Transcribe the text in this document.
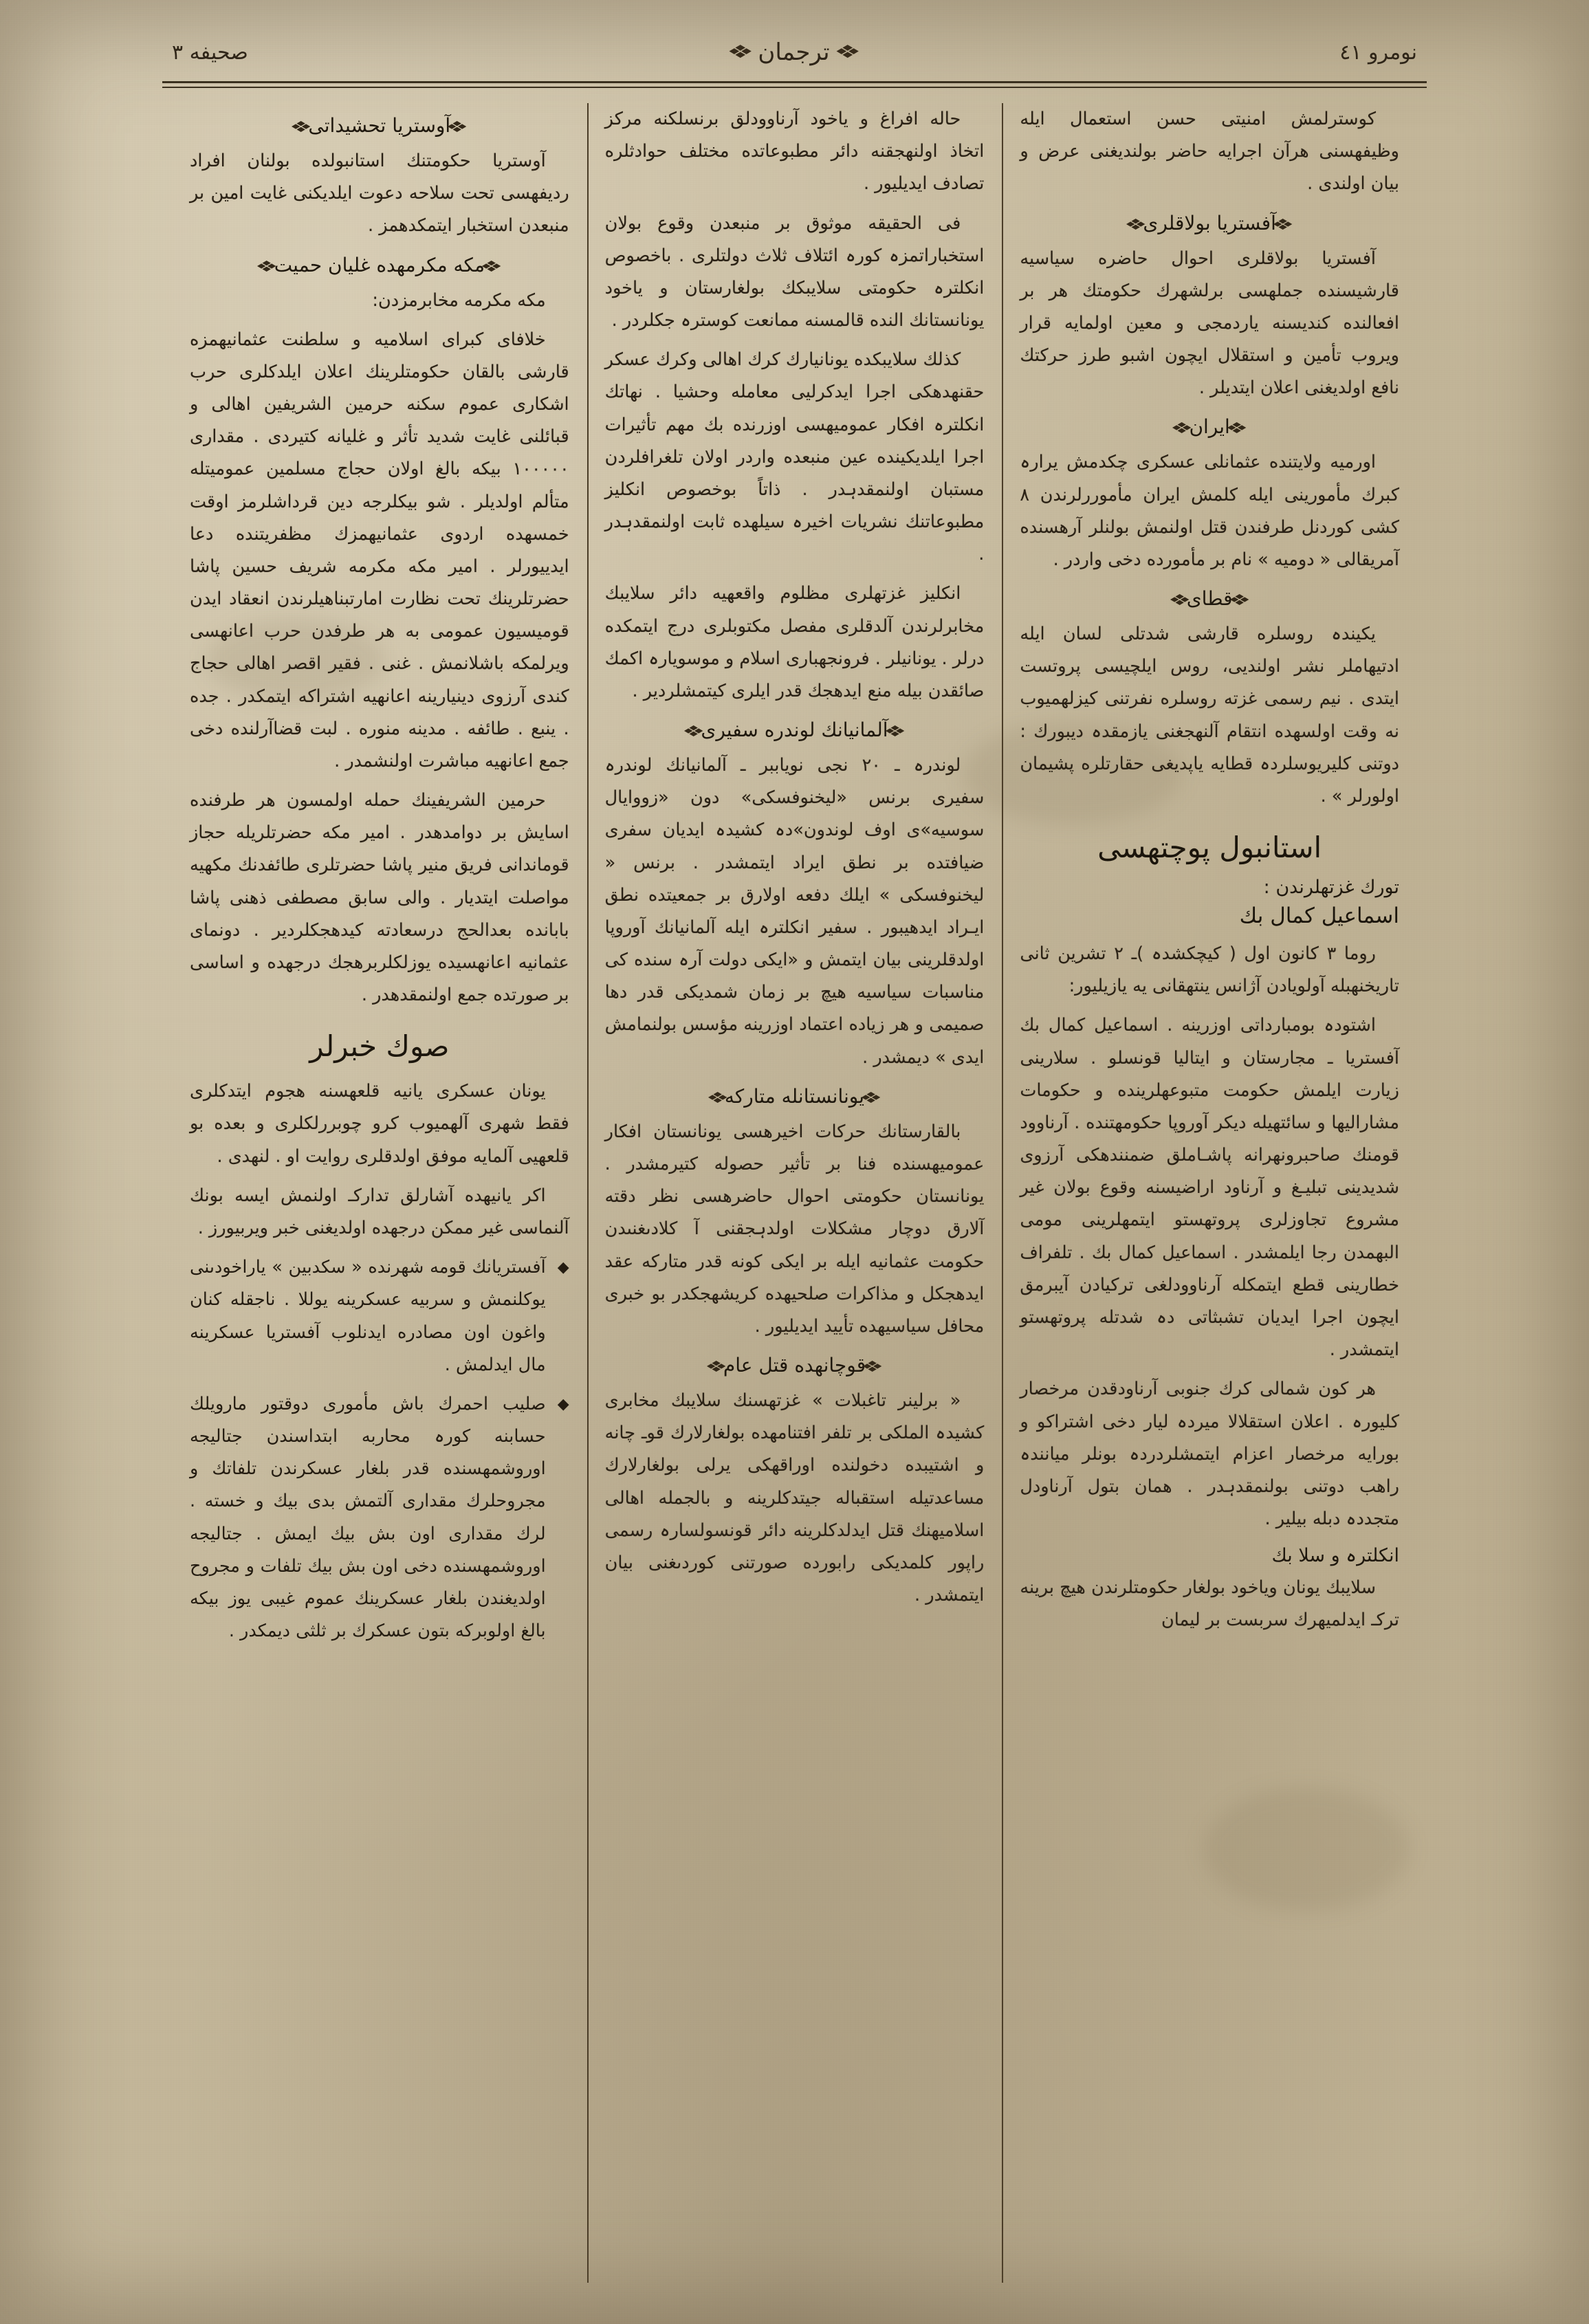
نومرو ٤١
❖
ترجمان
❖
صحيفه ٣

كوسترلمش امنيتی حسن استعمال ايله وظيفهسنی هرآن اجرايه حاضر بولندیغنی عرض و بيان اولندی .

❖آفستريا بولاقلری❖

آفستريا بولاقلری احوال حاضره سياسيه قارشيسنده جملهسی برلشهرك حكومتك هر بر افعالنده كنديسنه ياردمجی و معين اولمايه قرار ويروب تأمين و استقلال ايچون اشبو طرز حركتك نافع اولديغنی اعلان ايتديلر .

❖ايران❖

اورميه ولايتنده عثمانلی عسكری چكدمش يرارہ كبرك مأمورينی ايله كلمش ايران مأموررلرندن ٨ كشی كوردنل طرفندن قتل اولنمش بولنلر آرهسنده آمريقالی « دوميه » نام بر مأمورده دخی واردر .

❖قطای❖

يكيندہ روسلره قارشی شدتلی لسان ايله ادتيهاملر نشر اولنديی، روس ايلچيسی پروتست ايتدی . نيم رسمی غزته روسلره نفرتنی كيزلهميوب نه وقت اولسهده انتقام آلنهجغنی يازمقدہ ديبورك : دوتنی كليريوسلردہ قطايه ياپديغی حقارتلره پشيمان اولورلر » .

استانبول پوچتهسی
تورك غزتهلرندن :
اسماعيل كمال بك

روما ٣ كانون اول ( كيچكشدہ )ـ ٢ تشرين ثانی تاريخنهبله آولويادن آژانس ينتهقانی يه يازيليور:

اشتودہ بومبارداتی اوزرينه . اسماعيل كمال بك آفستريا ـ مجارستان و ايتاليا قونسلو . سلارينی زيارت ايلمش حكومت متبوعهلرينده و حكومات مشاراليها و سائتهيله ديكر آوروپا حكومهتنده . آرناوود قومنك صاحبرونهرانه پاشـاملق ضمنندهكی آرزوی شديدينی تبليـغ و آرناود اراضيسنه وقوع بولان غير مشروع تجاوزلری پروتهستو ايتمهلرينی مومی البهمدن رجا ايلمشدر . اسماعيل كمال بك . تلفراف خطارينی قطع ايتمكله آرناوودلغی تركيادن آيبرمق ايچون اجرا ايديان تشبثاتی دہ شدتله پروتهستو ايتمشدر .

هر كون شمالی كرك جنوبی آرناودقدن مرخصار كليورہ . اعلان استقلالا ميردہ ليار دخی اشتراكو و بورايه مرخصار اعزام ايتمشلردردہ بونلر ميانندہ راهب دوتنی بولنمقدہدر . همان بتول آرناودل متجددہ دبله بيلير .

انكلترہ و سلا بك

سلايبك يونان وياخود بولغار حكومتلرندن هيچ برينه تركـ ايدلميهرك سربست بر ليمان

حاله افراغ و ياخود آرناوودلق برنسلكنه مركز اتخاذ اولنهجقنه دائر مطبوعاتده مختلف حوادثلره تصادف ايديليور .

فی الحقيقه موثوق بر منبعدن وقوع بولان استخباراتمزہ كورہ ائتلاف ثلاث دولتلری . باخصوص انكلترہ حكومتی سلايبكك بولغارستان و ياخود يونانستانك النده قالمسنه ممانعت كوسترہ جكلردر .

كذلك سلايبكده يونانيارك كرك اهالی وكرك عسكر حقنهدهكی اجرا ايدكرليی معامله وحشيا . نهاتك انكلترہ افكار عموميهسی اوزرنده بك مهم تأثيرات اجرا ايلديكينده عين منبعده واردر اولان تلغرافلردن مستبان اولنمقدہدر . ذاتاً بوخصوص انكليز مطبوعاتنك نشريات اخيرہ سيلهده ثابت اولنمقدہدر .

انكليز غزتهلری مظلوم واقعهيه دائر سلايبك مخابرلرندن آلدقلری مفصل مكتوبلری درج ايتمكده درلر . يونانيلر . فرونجهباری اسلام و موسويارہ اكمك صائقدن بيله منع ايدهجك قدر ايلری كيتمشلردير .

❖آلمانيانك لوندره سفيری❖

لوندرہ ـ ٢٠ نجی نوياببر ـ آلمانيانك لوندرہ سفيری برنس «ليخنوفسكی» دون «زووايال سوسيه»ی اوف لوندون»دہ كشيدہ ايديان سفری ضيافتده بر نطق ايراد ايتمشدر . برنس « ليخنوفسكی » ايلك دفعه اولارق بر جمعيتده نطق ايـراد ايدهيبور . سفير انكلترہ ايله آلمانيانك آوروپا اولدقلرينی بيان ايتمش و «ايكی دولت آرہ سنده كی مناسبات سياسيه هيچ بر زمان شمديكی قدر دها صميمی و هر زياده اعتماد اوزرينه مؤسس بولنمامش ايدی » ديمشدر .

❖يونانستانله متاركه❖

بالقارستانك حركات اخيرهسی يونانستان افكار عموميهسنده فنا بر تأثير حصوله كتيرمشدر . يونانستان حكومتی احوال حاضرهسی نظر دقته آلارق دوچار مشكلات اولدہجقنی آ كلادىغنىدن حكومت عثمانيه ايله بر ايكی كونه قدر متاركه عقد ايدهجكل و مذاكرات صلحيهده كريشهجكدر بو خبری محافل سياسيهده تأييد ايديليور .

❖قوچانهده قتل عام❖

« برلينر تاغبلات » غزتهسنك سلايبك مخابری كشيدہ الملكی بر تلفر افتنامهده بولغارلارك قوـ چانه و اشتيبده دخولنده اوراقهكی يرلی بولغارلارك مساعدتيله استقباله جيتدكلرينه و بالجمله اهالی اسلاميهنك قتل ايدلدكلرينه دائر قونسولسارہ رسمی راپور كلمديكی رابورده صورتنی كوردىغنی بيان ايتمشدر .

❖آوستريا تحشيداتی❖

آوستريا حكومتنك استانبولده بولنان افراد رديفهسی تحت سلاحه دعوت ايلديكنی غايت امين بر منبعدن استخبار ايتمكدهمز .

❖مكه مكرمهده غليان حميت❖

مكه مكرمه مخابرمزدن:

خلافای كبرای اسلاميه و سلطنت عثمانيهمزه قارشی بالقان حكومتلرينك اعلان ايلدكلری حرب اشكاری عموم سكنه حرمين الشريفين اهالی و قبائلنی غايت شديد تأثر و غليانه كتيردی . مقداری ١٠٠٠٠٠ بيكه بالغ اولان حجاج مسلمين عموميتله متألم اولديلر . شو بيكلرجه دين قرداشلرمز اوقت خمسهده اردوی عثمانيهمزك مظفريتنده دعا ايدييورلر . امير مكه مكرمه شريف حسين پاشا حضرتلرينك تحت نظارت امارتبناهيلرندن انعقاد ايدن قوميسيون عمومی به هر طرفدن حرب اعانهسی ويرلمكه باشلانمش . غنی . فقير اقصر اهالی حجاج كندی آرزوی دينيارينه اعانهيه اشتراكه ايتمكدر . جده . ينبع . طائفه . مدينه منوره . لبت قضاآرلنده دخی جمع اعانهيه مباشرت اولنشمدر .

حرمين الشريفينك حمله اولمسون هر طرفنده اسايش بر دوامدهدر . امير مكه حضرتلريله حجاز قوماندانی فريق منير پاشا حضرتلری طائفدنك مكهيه مواصلت ايتديار . والی سابق مصطفی ذهنی پاشا بابانده بعدالحج درسعادته كيدهجكلردير . دونمای عثمانيه اعانهسيده يوزلكلربرهجك درجهده و اساسی بر صورتده جمع اولنمقدهدر .

صوك خبرلر

يونان عسكری يانيه قلعهسنه هجوم ايتدكلری فقط شهری آلهميوب كرو چوبررلكلری و بعده بو قلعهيی آلمايه موفق اولدقلری روايت او . لنهدی .

اكر يانيهده آشارلق تداركـ اولنمش ايسه بونك آلنماسی غير ممكن درجهده اولديغنی خبر ويربيورز .

◆
آفستريانك قومه شهرنده « سكدبين » ياراخودىنى يوكلنمش و سربيه عسكرينه يوللا . ناجقله كنان واغون اون مصادره ايدنلوب آفستريا عسكرينه مال ايدلمش .
◆
صليب احمرك باش مأموری دوقتور مارويلك حسابنه كورہ محاربه ابتداسندن جتاليجه اوروشمهسنده قدر بلغار عسكرندن تلفاتك و مجروحلرك مقداری آلتمش بدی بيك و خسته . لرك مقداری اون بش بيك ايمش . جتاليجه اوروشمهسنده دخی اون بش بيك تلفات و مجروح اولديغندن بلغار عسكرينك عموم غيبی يوز بيكه بالغ اولوبركه بتون عسكرك بر ثلثی دیمكدر .
